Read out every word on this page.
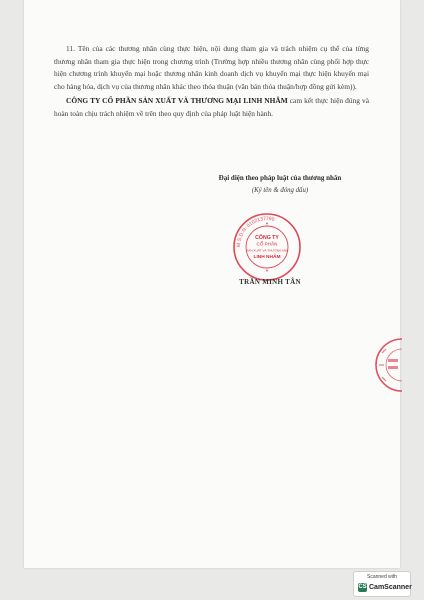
11. Tên của các thương nhân cùng thực hiện, nội dung tham gia và trách nhiệm cụ thể của từng thương nhân tham gia thực hiện trong chương trình (Trường hợp nhiều thương nhân cùng phối hợp thực hiện chương trình khuyến mại hoặc thương nhân kinh doanh dịch vụ khuyến mại thực hiện khuyến mại cho hàng hóa, dịch vụ của thương nhân khác theo thỏa thuận (văn bản thỏa thuận/hợp đồng gửi kèm)).

CÔNG TY CỔ PHẦN SẢN XUẤT VÀ THƯƠNG MẠI LINH NHÂM cam kết thực hiện đúng và hoàn toàn chịu trách nhiệm về trên theo quy định của pháp luật hiện hành.

Đại diện theo pháp luật của thương nhân
(Ký tên & đóng dấu)
M.S.D.N: 0102137790
CÔNG TY
CỔ PHẦN
SẢN XUẤT VÀ THƯƠNG MẠI
LINH NHÂM
TRẦN MINH TÂN
Scanned with
CS CamScanner
